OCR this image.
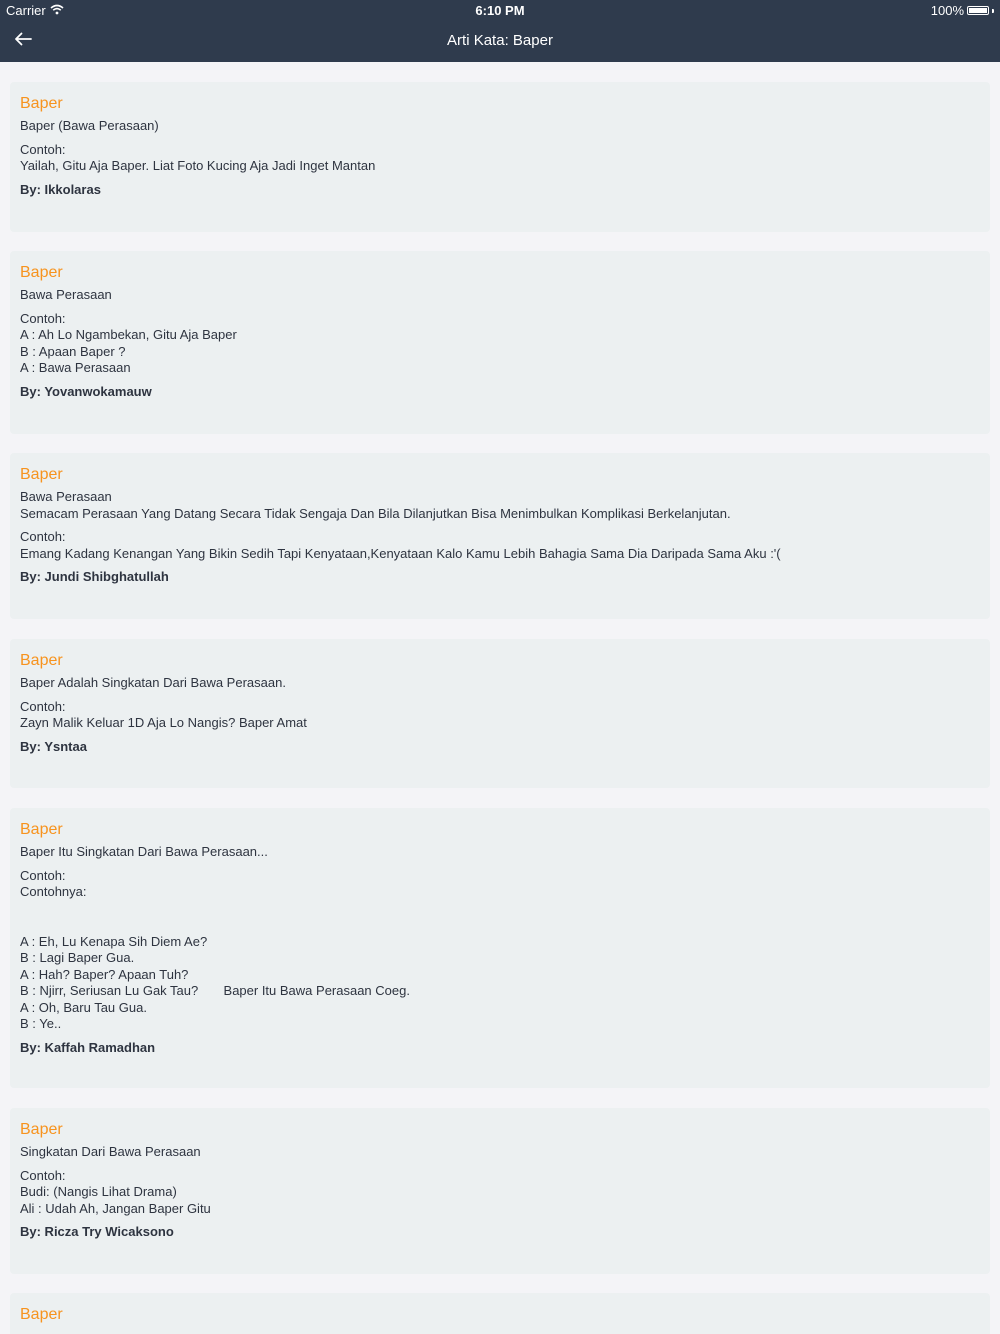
Carrier	6:10 PM	100%
Arti Kata: Baper
Baper
Baper (Bawa Perasaan)
Contoh:
Yailah, Gitu Aja Baper. Liat Foto Kucing Aja Jadi Inget Mantan
By: Ikkolaras
Baper
Bawa Perasaan
Contoh:
A : Ah Lo Ngambekan, Gitu Aja Baper
B : Apaan Baper ?
A : Bawa Perasaan
By: Yovanwokamauw
Baper
Bawa Perasaan
Semacam Perasaan Yang Datang Secara Tidak Sengaja Dan Bila Dilanjutkan Bisa Menimbulkan Komplikasi Berkelanjutan.
Contoh:
Emang Kadang Kenangan Yang Bikin Sedih Tapi Kenyataan,Kenyataan Kalo Kamu Lebih Bahagia Sama Dia Daripada Sama Aku :'(
By: Jundi Shibghatullah
Baper
Baper Adalah Singkatan Dari Bawa Perasaan.
Contoh:
Zayn Malik Keluar 1D Aja Lo Nangis? Baper Amat
By: Ysntaa
Baper
Baper Itu Singkatan Dari Bawa Perasaan...
Contoh:
Contohnya:

A : Eh, Lu Kenapa Sih Diem Ae?
B : Lagi Baper Gua.
A : Hah? Baper? Apaan Tuh?
B : Njirr, Seriusan Lu Gak Tau?       Baper Itu Bawa Perasaan Coeg.
A : Oh, Baru Tau Gua.
B : Ye..
By: Kaffah Ramadhan
Baper
Singkatan Dari Bawa Perasaan
Contoh:
Budi: (Nangis Lihat Drama)
Ali : Udah Ah, Jangan Baper Gitu
By: Ricza Try Wicaksono
Baper
